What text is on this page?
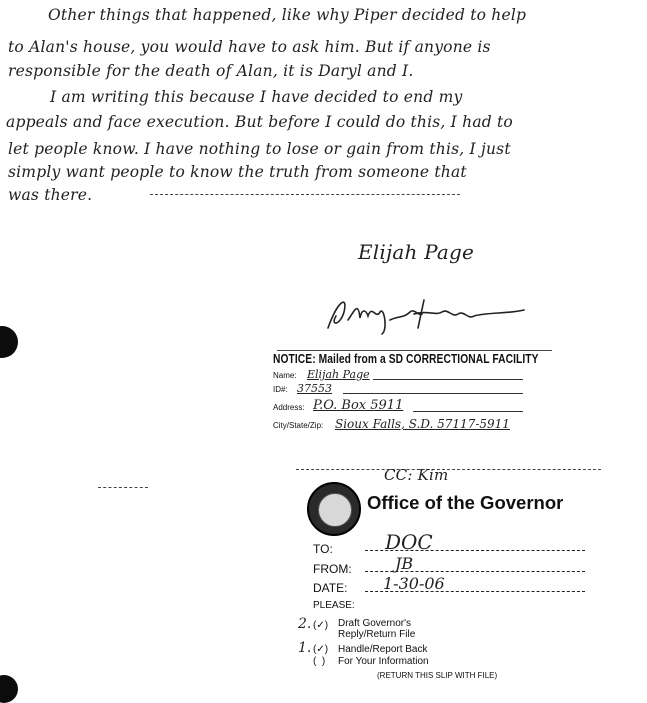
Other things that happened, like why Piper decided to help
to Alan's house, you would have to ask him. But if anyone is
responsible for the death of Alan, it is Daryl and I.
I am writing this because I have decided to end my
appeals and face execution. But before I could do this, I had to
let people know. I have nothing to lose or gain from this, I just
simply want people to know the truth from someone that
was there.
Elijah Page
NOTICE: Mailed from a SD CORRECTIONAL FACILITY
Name: Elijah Page
ID#: 37553
Address: P.O. Box 5911
City/State/Zip: Sioux Falls, S.D. 57117-5911
CC: Kim
Office of the Governor
TO:	DOC
FROM:	JB
DATE: 1-30-06
PLEASE:
2. (✓) Draft Governor's
Reply/Return File
1. (✓) Handle/Report Back
(  ) For Your Information
(RETURN THIS SLIP WITH FILE)
